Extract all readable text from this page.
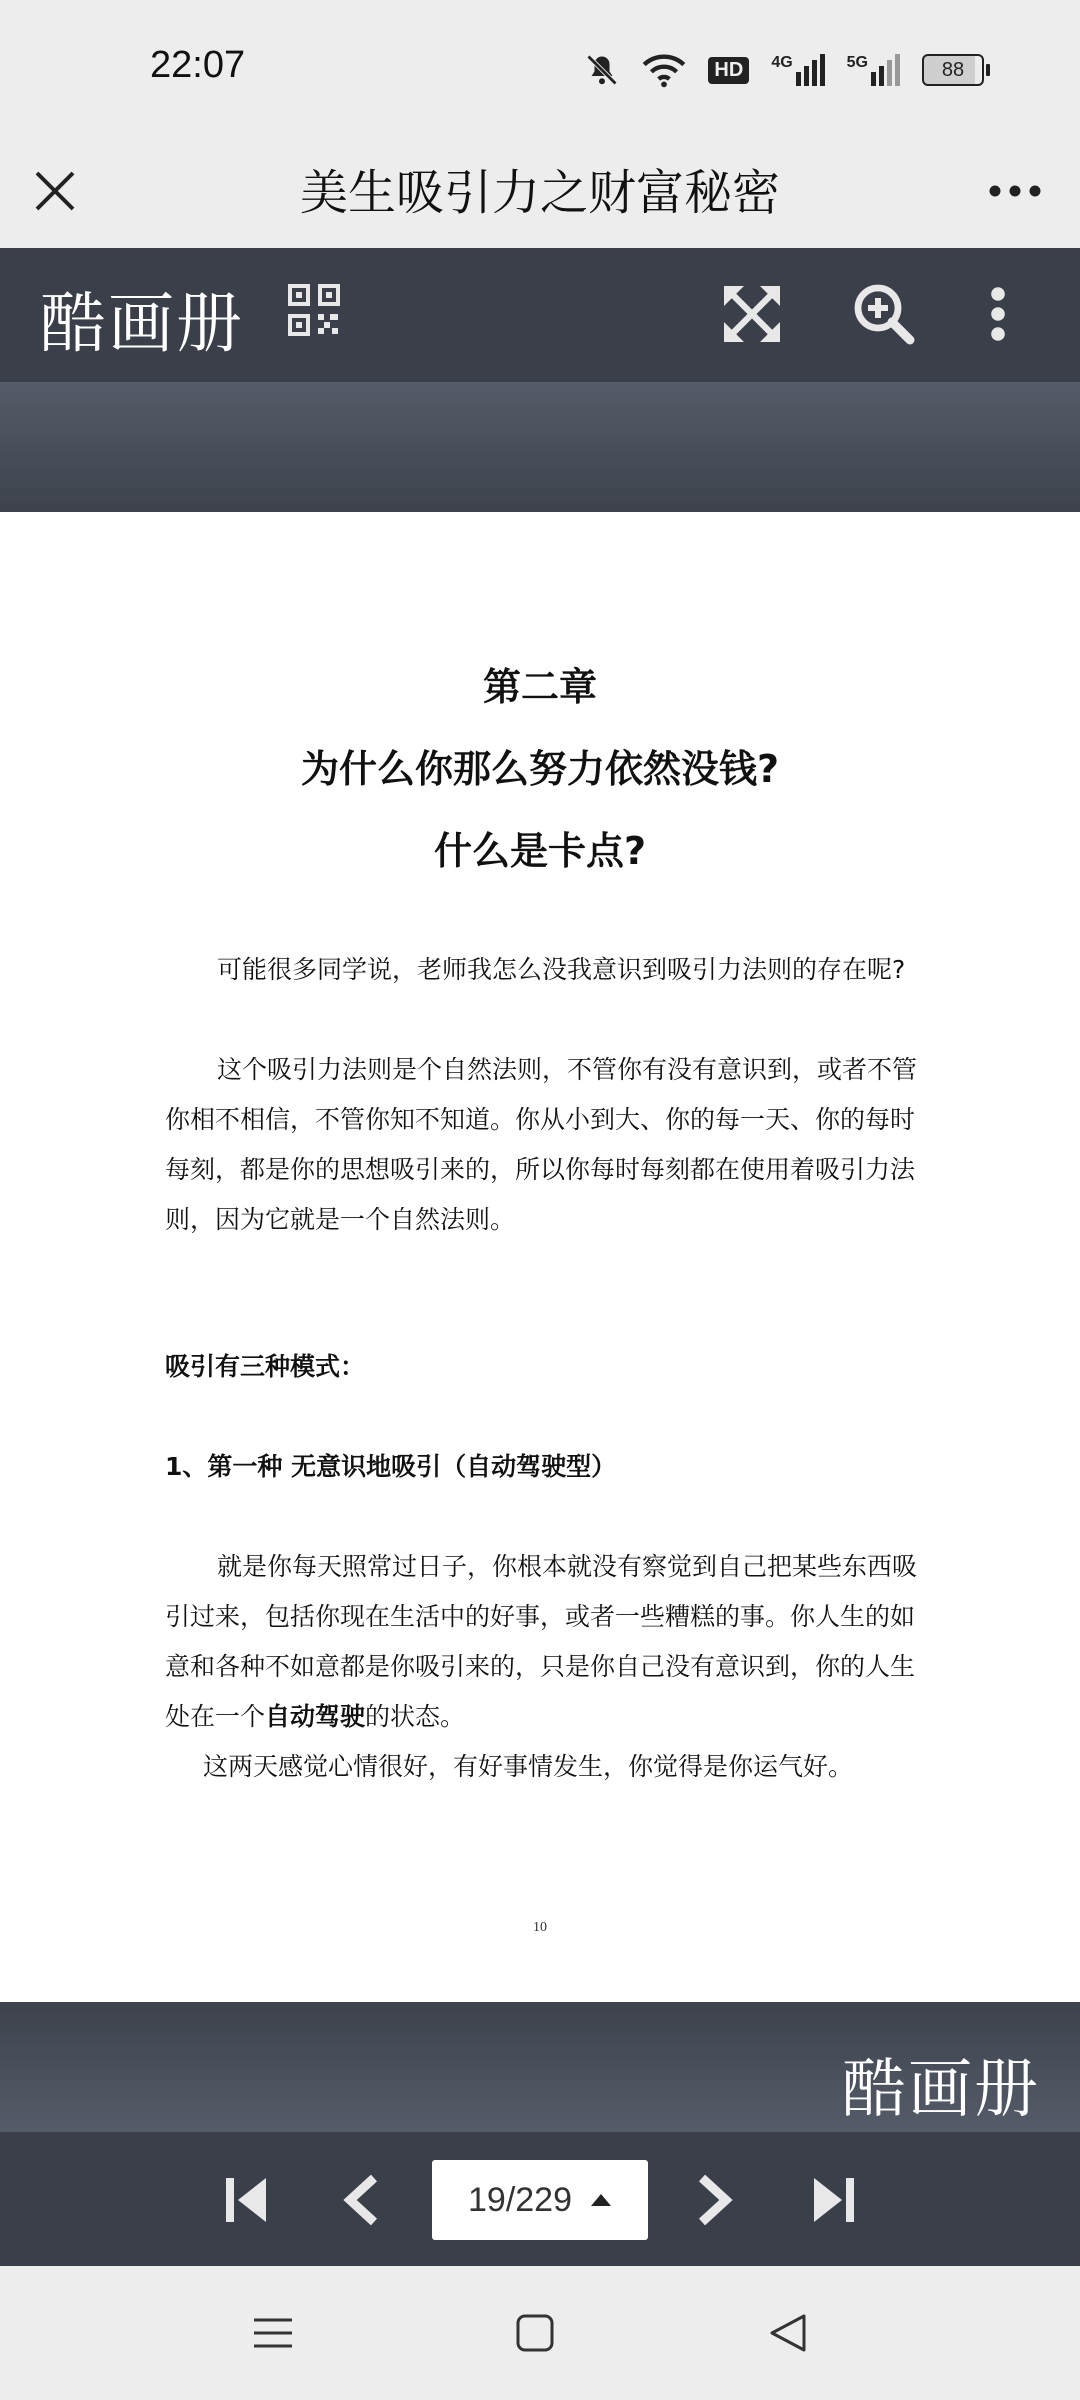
22:07	HD	4G	5G	88
美生吸引力之财富秘密
酷画册
第二章
为什么你那么努力依然没钱?
什么是卡点?
可能很多同学说，老师我怎么没我意识到吸引力法则的存在呢?
这个吸引力法则是个自然法则，不管你有没有意识到，或者不管你相不相信，不管你知不知道。你从小到大、你的每一天、你的每时每刻，都是你的思想吸引来的，所以你每时每刻都在使用着吸引力法则，因为它就是一个自然法则。
吸引有三种模式：
1、第一种 无意识地吸引（自动驾驶型）
就是你每天照常过日子，你根本就没有察觉到自己把某些东西吸引过来，包括你现在生活中的好事，或者一些糟糕的事。你人生的如意和各种不如意都是你吸引来的，只是你自己没有意识到，你的人生处在一个自动驾驶的状态。
这两天感觉心情很好，有好事情发生，你觉得是你运气好。
10
酷画册
19/229
